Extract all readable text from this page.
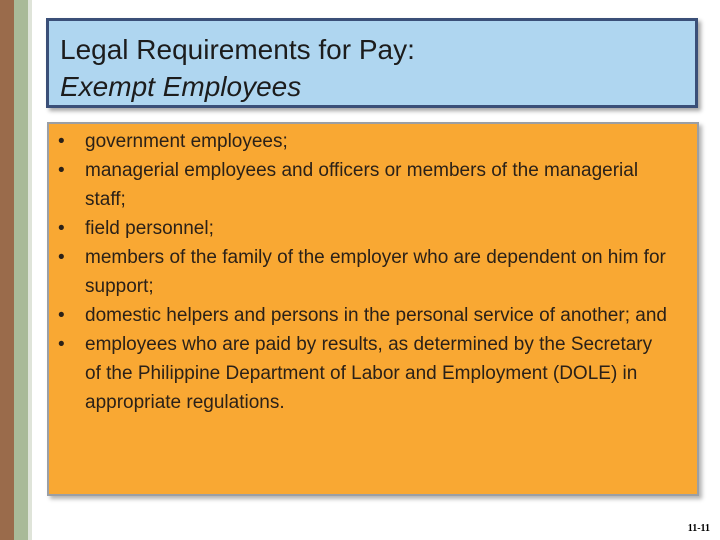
Legal Requirements for Pay:
Exempt Employees
• government employees;
• managerial employees and officers or members of the managerial staff;
• field personnel;
• members of the family of the employer who are dependent on him for support;
• domestic helpers and persons in the personal service of another; and
• employees who are paid by results, as determined by the Secretary of the Philippine Department of Labor and Employment (DOLE) in appropriate regulations.
11-11
